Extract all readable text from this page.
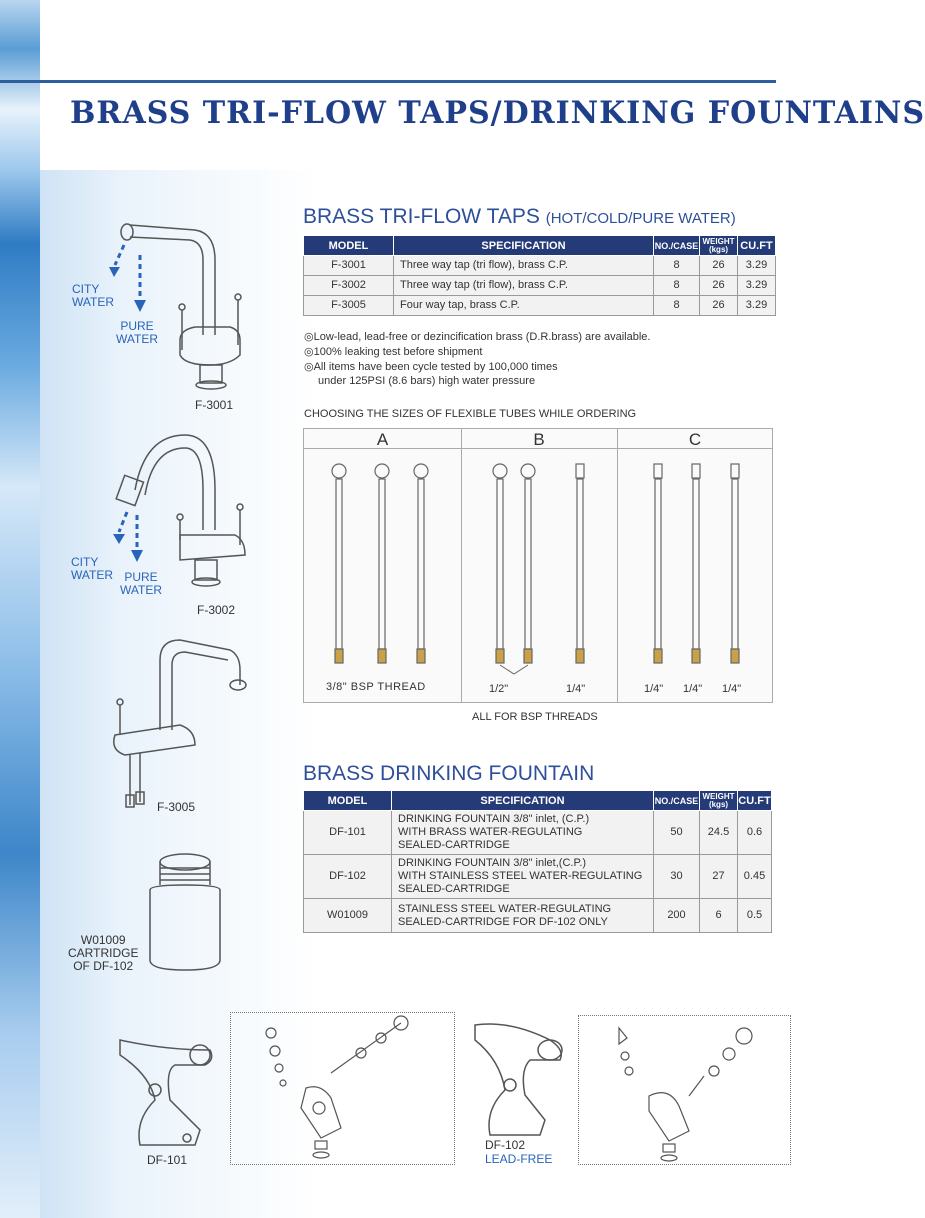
BRASS TRI-FLOW TAPS/DRINKING FOUNTAINS
BRASS TRI-FLOW TAPS (HOT/COLD/PURE WATER)
MODEL	SPECIFICATION	NO./CASE	WEIGHT (kgs)	CU.FT
F-3001	Three way tap (tri flow), brass C.P.	8	26	3.29
F-3002	Three way tap (tri flow), brass C.P.	8	26	3.29
F-3005	Four way tap, brass C.P.	8	26	3.29
◎Low-lead, lead-free or dezincification brass (D.R.brass) are available.
◎100% leaking test before shipment
◎All items have been cycle tested by 100,000 times
under 125PSI (8.6 bars) high water pressure
CHOOSING THE SIZES OF FLEXIBLE TUBES WHILE ORDERING
A	B	C
3/8" BSP THREAD	1/2"	1/4"	1/4" 1/4" 1/4"
ALL FOR BSP THREADS
BRASS DRINKING FOUNTAIN
MODEL	SPECIFICATION	NO./CASE	WEIGHT (kgs)	CU.FT
DF-101	DRINKING FOUNTAIN 3/8" inlet, (C.P.)
WITH BRASS WATER-REGULATING
SEALED-CARTRIDGE	50	24.5	0.6
DF-102	DRINKING FOUNTAIN 3/8" inlet,(C.P.)
WITH STAINLESS STEEL WATER-REGULATING
SEALED-CARTRIDGE	30	27	0.45
W01009	STAINLESS STEEL WATER-REGULATING
SEALED-CARTRIDGE FOR DF-102 ONLY	200	6	0.5
CITY
WATER
PURE
WATER
F-3001
CITY
WATER PURE
WATER
F-3002
F-3005
W01009
CARTRIDGE
OF DF-102
DF-101
DF-102
LEAD-FREE
